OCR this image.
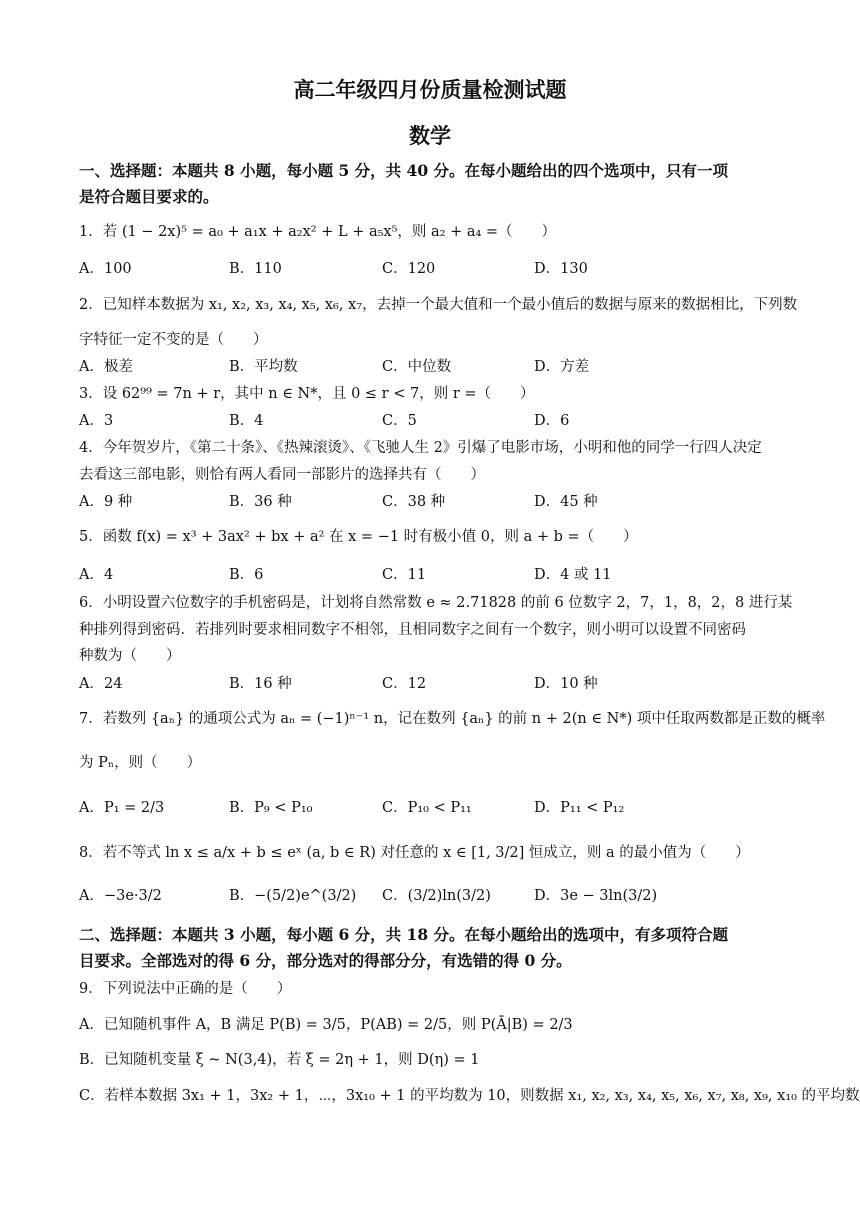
高二年级四月份质量检测试题
数学
一、选择题：本题共 8 小题，每小题 5 分，共 40 分。在每小题给出的四个选项中，只有一项
是符合题目要求的。
1．若 (1 − 2x)⁵ = a₀ + a₁x + a₂x² + L + a₅x⁵，则 a₂ + a₄ =（　　）
A．100	B．110	C．120	D．130
2．已知样本数据为 x₁, x₂, x₃, x₄, x₅, x₆, x₇，去掉一个最大值和一个最小值后的数据与原来的数据相比，下列数
字特征一定不变的是（　　）
A．极差	B．平均数	C．中位数	D．方差
3．设 62⁹⁹ = 7n + r，其中 n ∈ N*，且 0 ≤ r < 7，则 r =（　　）
A．3	B．4	C．5	D．6
4．今年贺岁片，《第二十条》、《热辣滚烫》、《飞驰人生 2》引爆了电影市场，小明和他的同学一行四人决定
去看这三部电影，则恰有两人看同一部影片的选择共有（　　）
A．9 种	B．36 种	C．38 种	D．45 种
5．函数 f(x) = x³ + 3ax² + bx + a² 在 x = −1 时有极小值 0，则 a + b =（　　）
A．4	B．6	C．11	D．4 或 11
6．小明设置六位数字的手机密码是，计划将自然常数 e ≈ 2.71828 的前 6 位数字 2，7，1，8，2，8 进行某
种排列得到密码．若排列时要求相同数字不相邻，且相同数字之间有一个数字，则小明可以设置不同密码
种数为（　　）
A．24	B．16 种	C．12	D．10 种
7．若数列 {aₙ} 的通项公式为 aₙ = (−1)ⁿ⁻¹ n，记在数列 {aₙ} 的前 n + 2(n ∈ N*) 项中任取两数都是正数的概率
为 Pₙ，则（　　）
A．P₁ = 2/3	B．P₉ < P₁₀	C．P₁₀ < P₁₁	D．P₁₁ < P₁₂
8．若不等式 ln x ≤ a/x + b ≤ eˣ (a, b ∈ R) 对任意的 x ∈ [1, 3/2] 恒成立，则 a 的最小值为（　　）
A．−3e·3/2	B．−(5/2)e^(3/2) C．(3/2)ln(3/2)	D．3e − 3ln(3/2)
二、选择题：本题共 3 小题，每小题 6 分，共 18 分。在每小题给出的选项中，有多项符合题
目要求。全部选对的得 6 分，部分选对的得部分分，有选错的得 0 分。
9．下列说法中正确的是（　　）
A．已知随机事件 A，B 满足 P(B) = 3/5，P(AB) = 2/5，则 P(Ā|B) = 2/3
B．已知随机变量 ξ ~ N(3,4)，若 ξ = 2η + 1，则 D(η) = 1
C．若样本数据 3x₁ + 1，3x₂ + 1，⋯，3x₁₀ + 1 的平均数为 10，则数据 x₁, x₂, x₃, x₄, x₅, x₆, x₇, x₈, x₉, x₁₀ 的平均数
